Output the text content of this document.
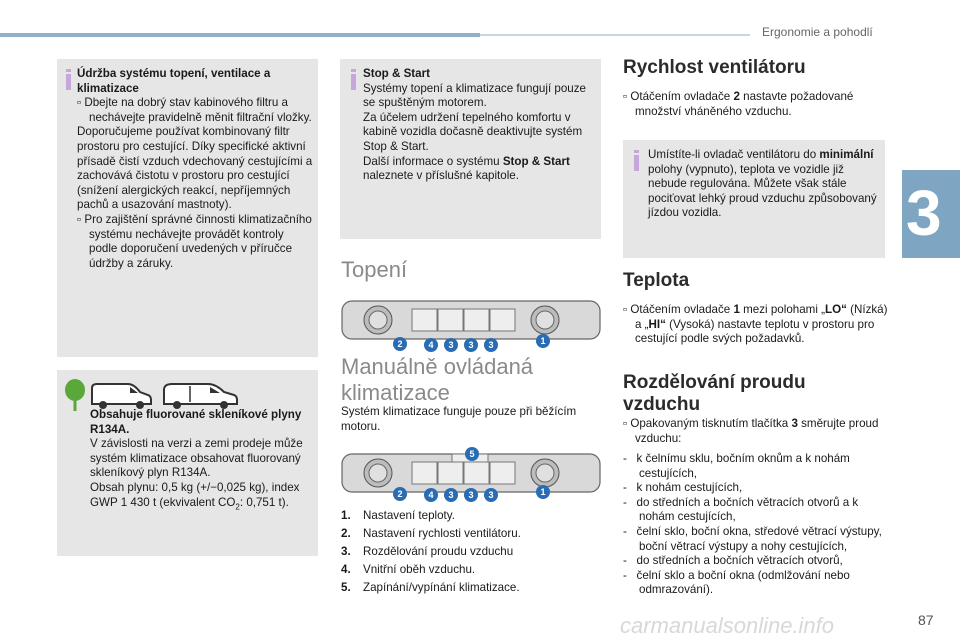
Ergonomie a pohodlí
3

Údržba systému topení, ventilace a klimatizace

▫ Dbejte na dobrý stav kabinového filtru a nechávejte pravidelně měnit filtrační vložky.

Doporučujeme používat kombinovaný filtr prostoru pro cestující. Díky specifické aktivní přísadě čistí vzduch vdechovaný cestujícími a zachovává čistotu v prostoru pro cestující (snížení alergických reakcí, nepříjemných pachů a usazování mastnoty).

▫ Pro zajištění správné činnosti klimatizačního systému nechávejte provádět kontroly podle doporučení uvedených v příručce údržby a záruky.

Obsahuje fluorované skleníkové plyny R134A.

V závislosti na verzi a zemi prodeje může systém klimatizace obsahovat fluorovaný skleníkový plyn R134A.

Obsah plynu: 0,5 kg (+/−0,025 kg), index GWP 1 430 t (ekvivalent $CO_2$: 0,751 t).

Stop & Start

Systémy topení a klimatizace fungují pouze se spuštěným motorem.

Za účelem udržení tepelného komfortu v kabině vozidla dočasně deaktivujte systém Stop & Start.

Další informace o systému Stop & Start naleznete v příslušné kapitole.

Topení
2	4	3	3	3	1
Manuálně ovládaná
klimatizace
Systém klimatizace funguje pouze při běžícím motoru.
5
2	4	3	3	3	1
1. Nastavení teploty.
2. Nastavení rychlosti ventilátoru.
3. Rozdělování proudu vzduchu
4. Vnitřní oběh vzduchu.
5. Zapínání/vypínání klimatizace.
Rychlost ventilátoru
▫ Otáčením ovladače 2 nastavte požadované množství vháněného vzduchu.
Umístíte-li ovladač ventilátoru do minimální polohy (vypnuto), teplota ve vozidle již nebude regulována. Můžete však stále pociťovat lehký proud vzduchu způsobovaný jízdou vozidla.
Teplota
▫ Otáčením ovladače 1 mezi polohami „LO“ (Nízká) a „HI“ (Vysoká) nastavte teplotu v prostoru pro cestující podle svých požadavků.
Rozdělování proudu
vzduchu
▫ Opakovaným tisknutím tlačítka 3 směrujte proud vzduchu:

-   k čelnímu sklu, bočním oknům a k nohám cestujících,

-   k nohám cestujících,

-   do středních a bočních větracích otvorů a k nohám cestujících,

-   čelní sklo, boční okna, středové větrací výstupy, boční větrací výstupy a nohy cestujících,

-   do středních a bočních větracích otvorů,

-   čelní sklo a boční okna (odmlžování nebo odmrazování).

carmanualsonline.info	87
